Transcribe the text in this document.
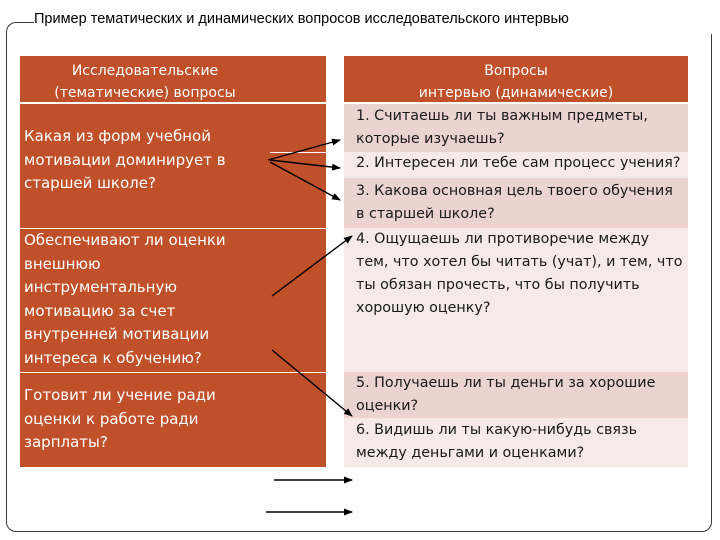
Пример тематических и динамических вопросов исследовательского интервью
Исследовательские
(тематические) вопросы
Вопросы
интервью (динамические)
Какая из форм учебной
мотивации доминирует в
старшей школе?
Обеспечивают ли оценки
внешнюю
инструментальную
мотивацию за счет
внутренней мотивации
интереса к обучению?
Готовит ли учение ради
оценки к работе ради
зарплаты?
1. Считаешь ли ты важным предметы,
которые изучаешь?
2. Интересен ли тебе сам процесс учения?
3. Какова основная цель твоего обучения
в старшей школе?
4. Ощущаешь ли противоречие между
тем, что хотел бы читать (учат), и тем, что
ты обязан прочесть, что бы получить
хорошую оценку?
5. Получаешь ли ты деньги за хорошие
оценки?
6. Видишь ли ты какую-нибудь связь
между деньгами и оценками?
